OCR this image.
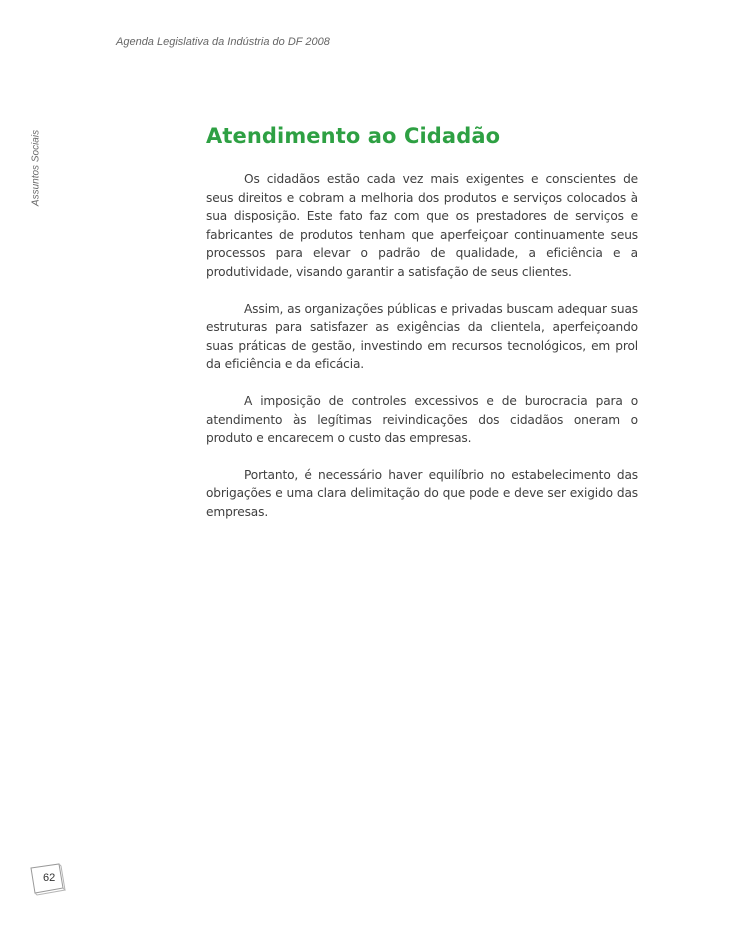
Agenda Legislativa da Indústria do DF 2008
Assuntos Sociais	Atendimento ao Cidadão

Os cidadãos estão cada vez mais exigentes e conscientes de seus direitos e cobram a melhoria dos produtos e serviços colocados à sua disposição. Este fato faz com que os prestadores de serviços e fabricantes de produtos tenham que aperfeiçoar continuamente seus processos para elevar o padrão de qualidade, a eficiência e a produtividade, visando garantir a satisfação de seus clientes.

Assim, as organizações públicas e privadas buscam adequar suas estruturas para satisfazer as exigências da clientela, aperfeiçoando suas práticas de gestão, investindo em recursos tecnológicos, em prol da eficiência e da eficácia.

A imposição de controles excessivos e de burocracia para o atendimento às legítimas reivindicações dos cidadãos oneram o produto e encarecem o custo das empresas.

Portanto, é necessário haver equilíbrio no estabelecimento das obrigações e uma clara delimitação do que pode e deve ser exigido das empresas.

62
